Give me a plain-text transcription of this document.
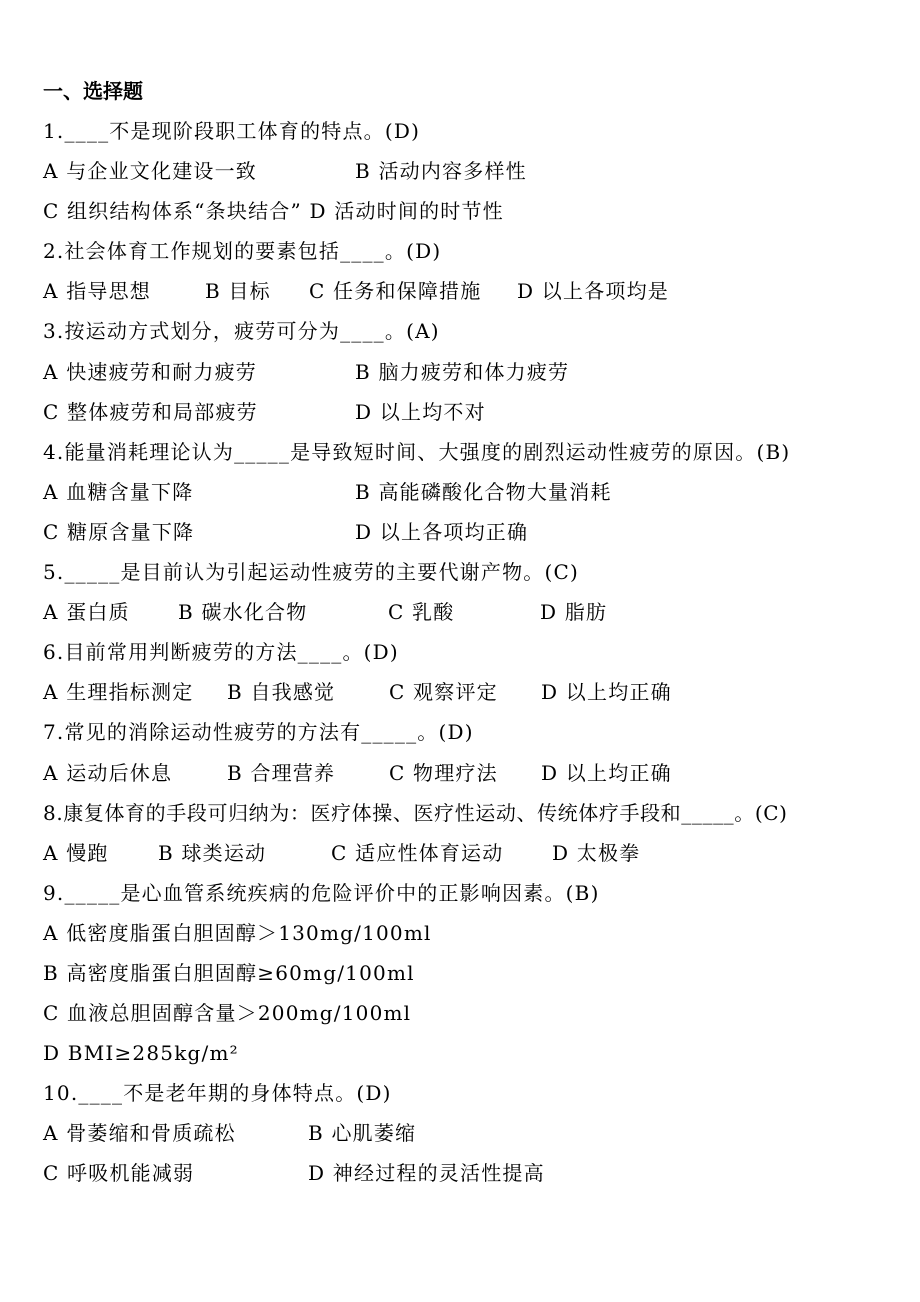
一、选择题
1.____不是现阶段职工体育的特点。(D)
A 与企业文化建设一致	B 活动内容多样性
C 组织结构体系“条块结合” D 活动时间的时节性
2.社会体育工作规划的要素包括____。(D)
A 指导思想	B 目标 C 任务和保障措施 D 以上各项均是
3.按运动方式划分，疲劳可分为____。(A)
A 快速疲劳和耐力疲劳	B 脑力疲劳和体力疲劳
C 整体疲劳和局部疲劳	D 以上均不对
4.能量消耗理论认为_____是导致短时间、大强度的剧烈运动性疲劳的原因。(B)
A 血糖含量下降	B 高能磷酸化合物大量消耗
C 糖原含量下降	D 以上各项均正确
5._____是目前认为引起运动性疲劳的主要代谢产物。(C)
A 蛋白质 B 碳水化合物	C 乳酸	D 脂肪
6.目前常用判断疲劳的方法____。(D)
A 生理指标测定 B 自我感觉	C 观察评定 D 以上均正确
7.常见的消除运动性疲劳的方法有_____。(D)
A 运动后休息	B 合理营养	C 物理疗法 D 以上均正确
8.康复体育的手段可归纳为：医疗体操、医疗性运动、传统体疗手段和_____。(C)
A 慢跑 B 球类运动	C 适应性体育运动 D 太极拳
9._____是心血管系统疾病的危险评价中的正影响因素。(B)
A 低密度脂蛋白胆固醇＞130mg/100ml
B 高密度脂蛋白胆固醇≥60mg/100ml
C 血液总胆固醇含量＞200mg/100ml
D BMI≥285kg/m²
10.____不是老年期的身体特点。(D)
A 骨萎缩和骨质疏松	B 心肌萎缩
C 呼吸机能减弱	D 神经过程的灵活性提高
